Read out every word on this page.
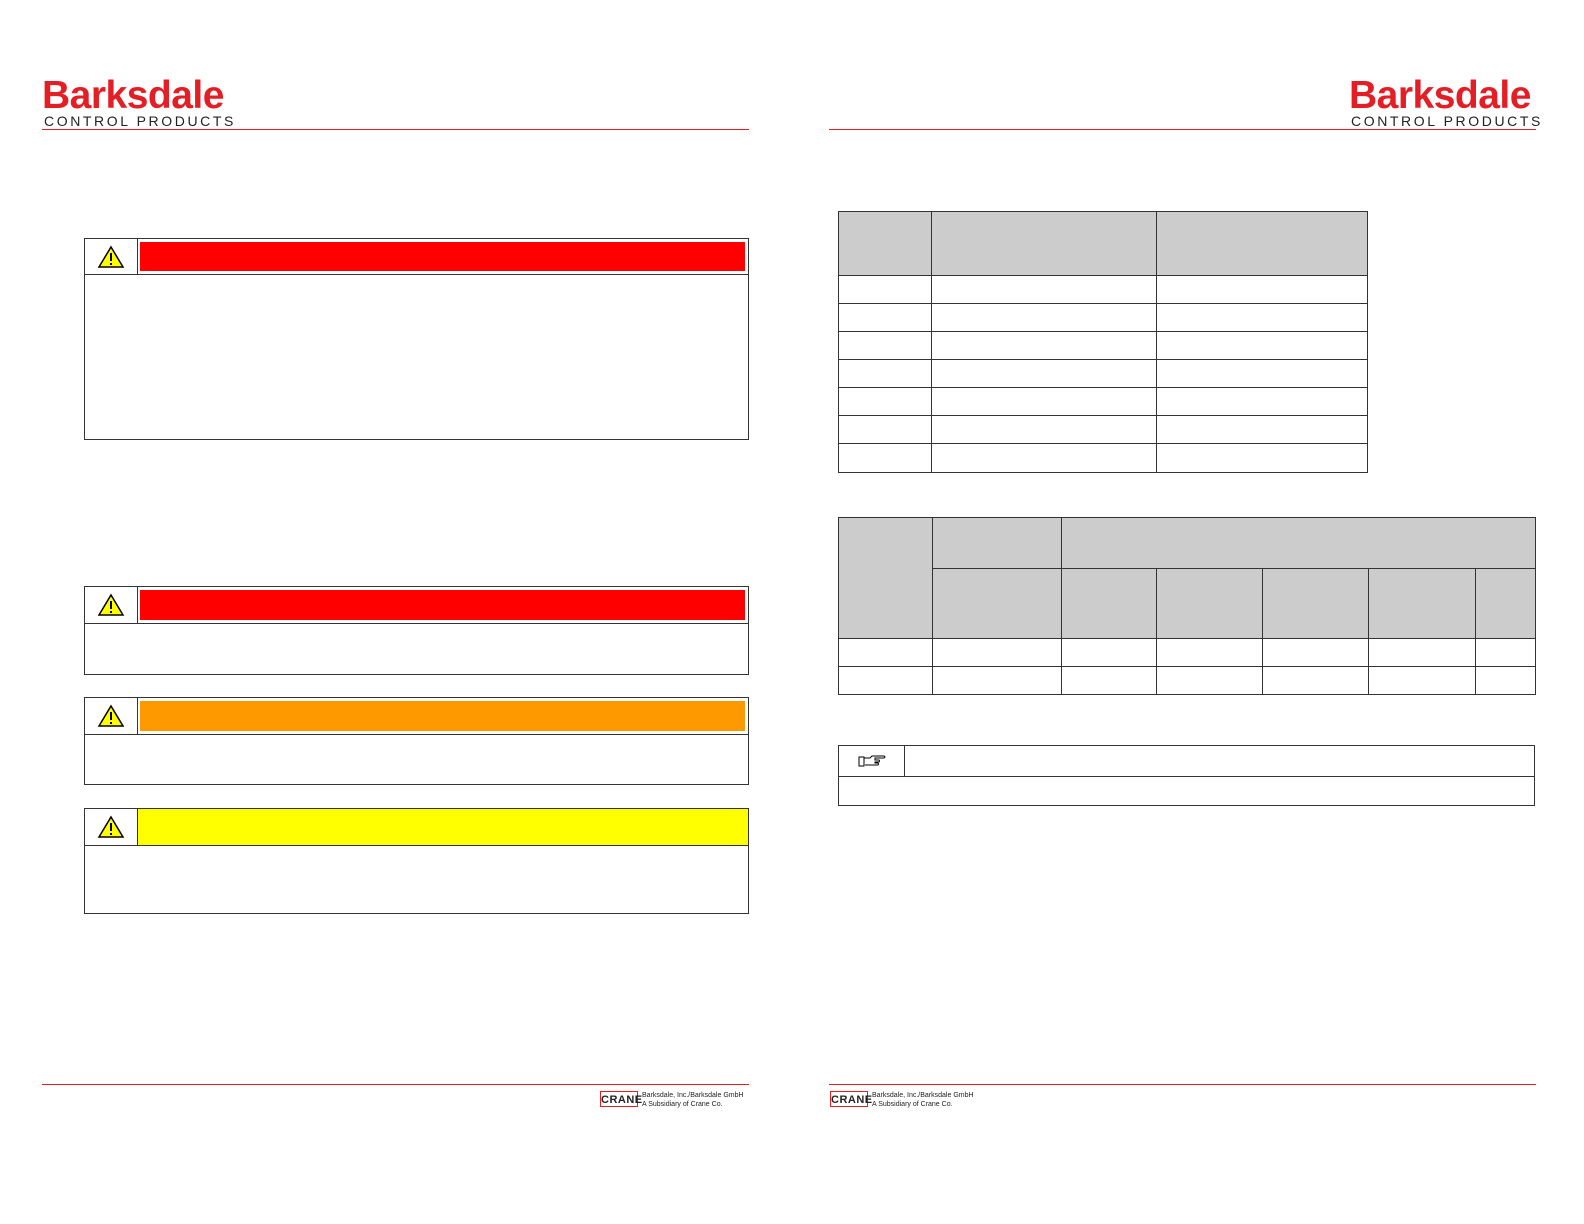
Barksdale
CONTROL PRODUCTS
CRANE Barksdale, Inc./Barksdale GmbH
A Subsidiary of Crane Co.
Barksdale
CONTROL PRODUCTS

CRANE Barksdale, Inc./Barksdale GmbH
A Subsidiary of Crane Co.
